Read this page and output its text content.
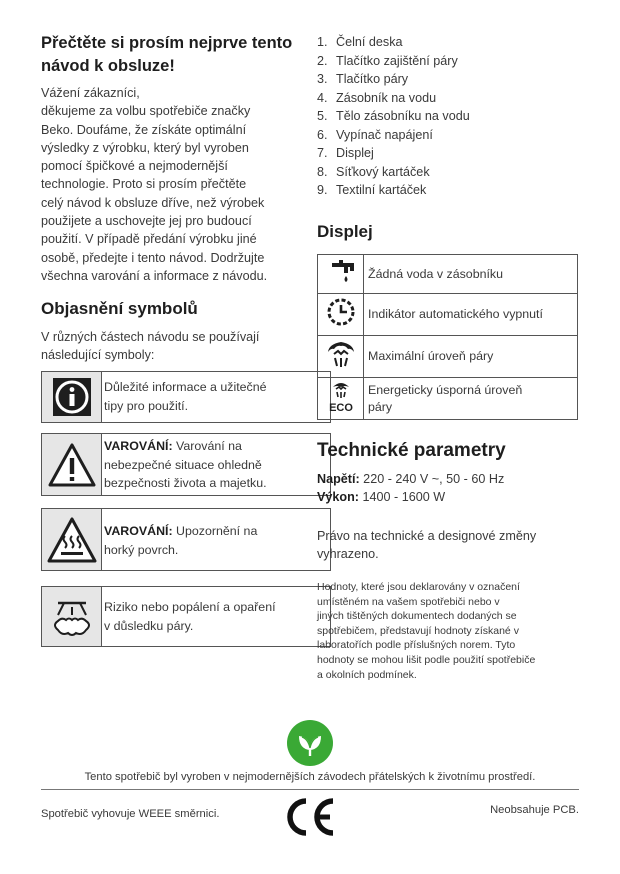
Přečtěte si prosím nejprve tento
návod k obsluze!
Vážení zákazníci,
děkujeme za volbu spotřebiče značky
Beko. Doufáme, že získáte optimální
výsledky z výrobku, který byl vyroben
pomocí špičkové a nejmodernější
technologie. Proto si prosím přečtěte
celý návod k obsluze dříve, než výrobek
použijete a uschovejte jej pro budoucí
použití. V případě předání výrobku jiné
osobě, předejte i tento návod. Dodržujte
všechna varování a informace z návodu.
Objasnění symbolů
V různých částech návodu se používají
následující symboly:
Důležité informace a užitečné
tipy pro použití.
VAROVÁNÍ: Varování na
nebezpečné situace ohledně
bezpečnosti života a majetku.
VAROVÁNÍ: Upozornění na
horký povrch.
Riziko nebo popálení a opaření
v důsledku páry.
1. Čelní deska
2. Tlačítko zajištění páry
3. Tlačítko páry
4. Zásobník na vodu
5. Tělo zásobníku na vodu
6. Vypínač napájení
7. Displej
8. Síťkový kartáček
9. Textilní kartáček
Displej
	Žádná voda v zásobníku
	Indikátor automatického vypnutí
	Maximální úroveň páry

ECO	Energeticky úsporná úroveň
páry
Technické parametry
Napětí: 220 - 240 V ~, 50 - 60 Hz
Výkon: 1400 - 1600 W
Právo na technické a designové změny
vyhrazeno.
Hodnoty, které jsou deklarovány v označení
umístěném na vašem spotřebiči nebo v
jiných tištěných dokumentech dodaných se
spotřebičem, představují hodnoty získané v
laboratořích podle příslušných norem. Tyto
hodnoty se mohou lišit podle použití spotřebiče
a okolních podmínek.
Tento spotřebič byl vyroben v nejmodernějších závodech přátelských k životnímu prostředí.
Spotřebič vyhovuje WEEE směrnici.	Neobsahuje PCB.
